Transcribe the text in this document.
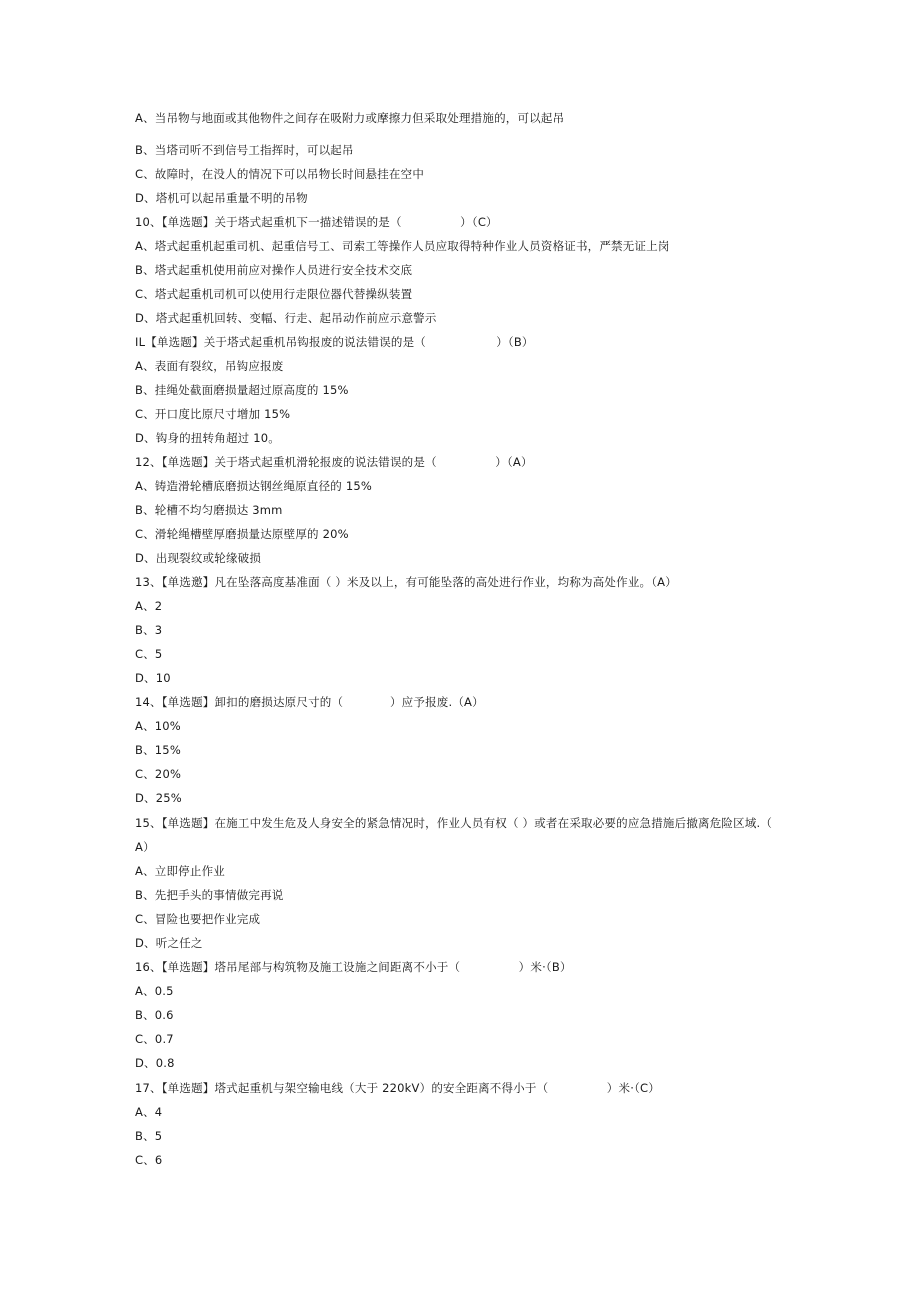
A、当吊物与地面或其他物件之间存在吸附力或摩擦力但采取处理措施的，可以起吊
B、当塔司听不到信号工指挥时，可以起吊
C、故障时，在没人的情况下可以吊物长时间悬挂在空中
D、塔机可以起吊重量不明的吊物
10、【单选题】关于塔式起重机下一描述错误的是（　　　　　）（C）
A、塔式起重机起重司机、起重信号工、司索工等操作人员应取得特种作业人员资格证书，严禁无证上岗
B、塔式起重机使用前应对操作人员进行安全技术交底
C、塔式起重机司机可以使用行走限位器代替操纵装置
D、塔式起重机回转、变幅、行走、起吊动作前应示意警示
IL【单选题】关于塔式起重机吊钩报废的说法错误的是（　　　　　　）（B）
A、表面有裂纹，吊钩应报废
B、挂绳处截面磨损量超过原高度的 15%
C、开口度比原尺寸增加 15%
D、钩身的扭转角超过 10。
12、【单选题】关于塔式起重机滑轮报废的说法错误的是（　　　　　）（A）
A、铸造滑轮槽底磨损达钢丝绳原直径的 15%
B、轮槽不均匀磨损达 3mm
C、滑轮绳槽壁厚磨损量达原壁厚的 20%
D、出现裂纹或轮缘破损
13、【单选邀】凡在坠落高度基准面（ ）米及以上，有可能坠落的高处进行作业，均称为高处作业。（A）
A、2
B、3
C、5
D、10
14、【单选题】卸扣的磨损达原尺寸的（　　　　）应予报废.（A）
A、10%
B、15%
C、20%
D、25%
15、【单选题】在施工中发生危及人身安全的紧急情况时，作业人员有权（ ）或者在采取必要的应急措施后撤离危险区域.（
A）
A、立即停止作业
B、先把手头的事情做完再说
C、冒险也要把作业完成
D、听之任之
16、【单选题】塔吊尾部与构筑物及施工设施之间距离不小于（　　　　　）米·（B）
A、0.5
B、0.6
C、0.7
D、0.8
17、【单选题】塔式起重机与架空输电线（大于 220kV）的安全距离不得小于（　　　　　）米·（C）
A、4
B、5
C、6
